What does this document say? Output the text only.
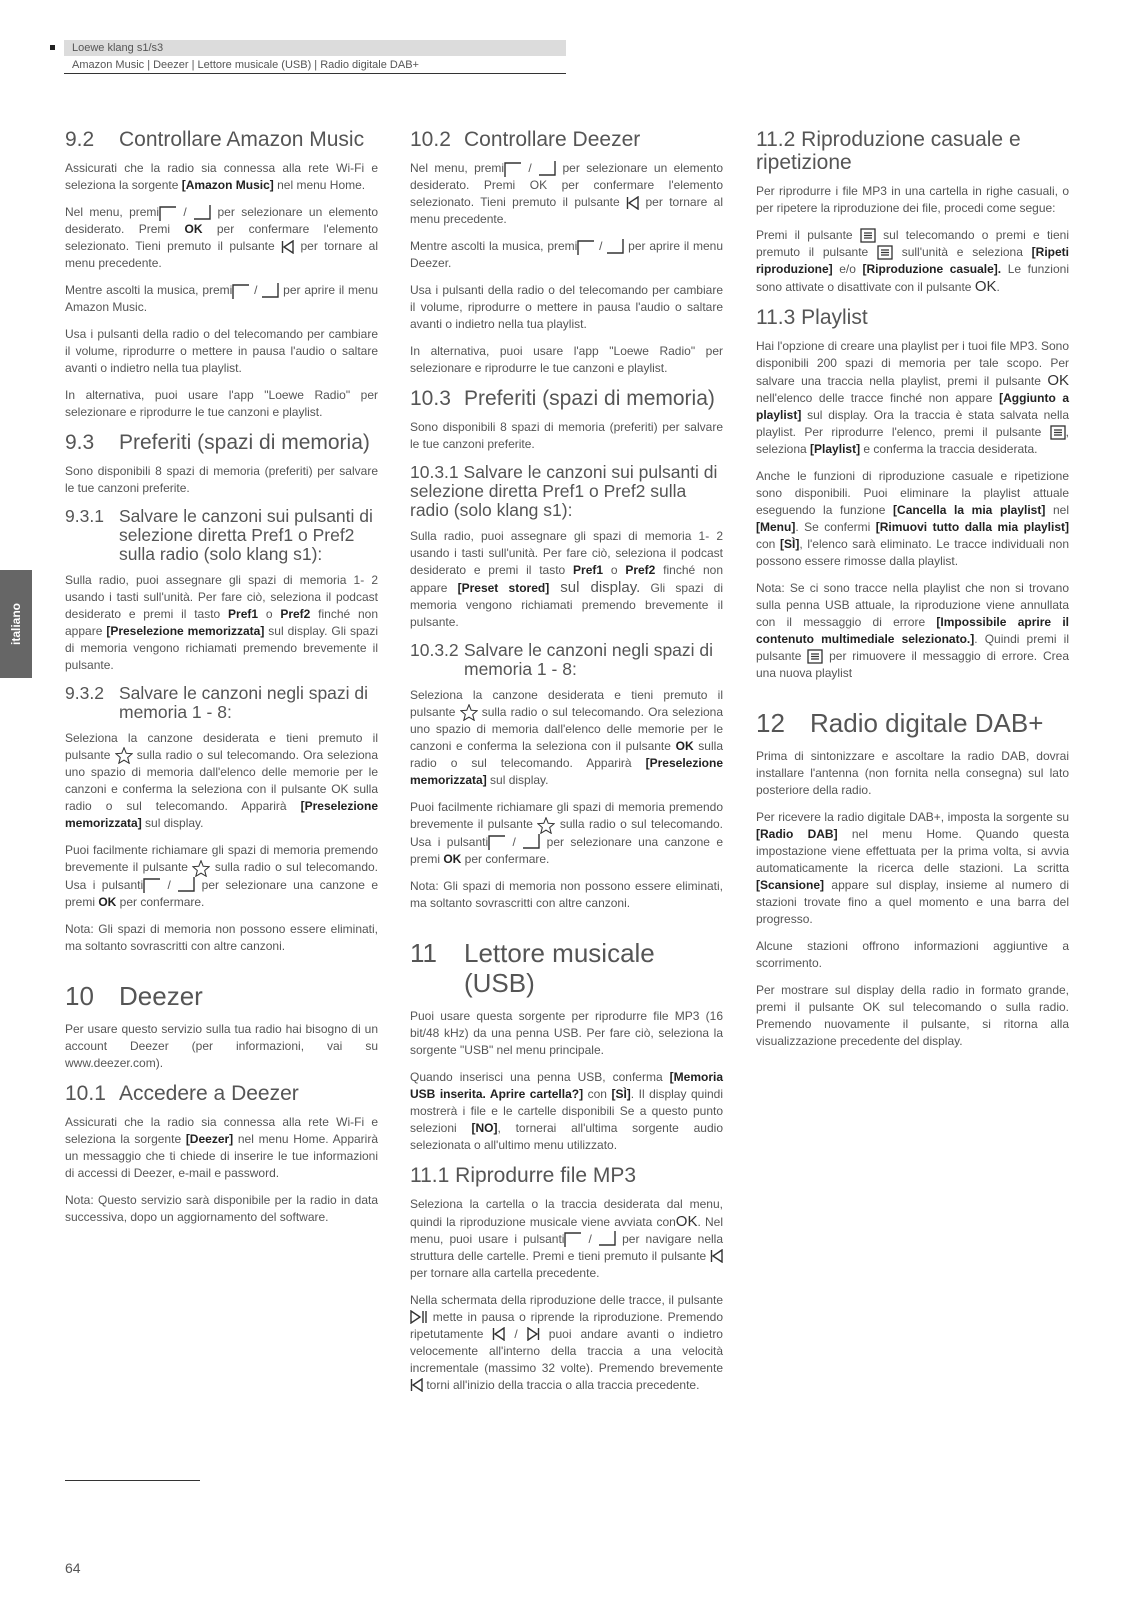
Loewe klang s1/s3
Amazon Music | Deezer | Lettore musicale (USB) | Radio digitale DAB+
italiano
9.2	Controllare Amazon Music

Assicurati che la radio sia connessa alla rete Wi-Fi e seleziona la sorgente [Amazon Music] nel menu Home.

Nel menu, premi /  per selezionare un elemento desiderato. Premi OK per confermare l'elemento selezionato. Tieni premuto il pulsante  per tornare al menu precedente.

Mentre ascolti la musica, premi /  per aprire il menu Amazon Music.

Usa i pulsanti della radio o del telecomando per cambiare il volume, riprodurre o mettere in pausa l'audio o saltare avanti o indietro nella tua playlist.

In alternativa, puoi usare l'app "Loewe Radio" per selezionare e riprodurre le tue canzoni e playlist.

9.3	Preferiti (spazi di memoria)

Sono disponibili 8 spazi di memoria (preferiti) per salvare le tue canzoni preferite.

9.3.1 Salvare le canzoni sui pulsanti di selezione diretta Pref1 o Pref2 sulla radio (solo klang s1):

Sulla radio, puoi assegnare gli spazi di memoria 1- 2 usando i tasti sull'unità. Per fare ciò, seleziona il podcast desiderato e premi il tasto Pref1 o Pref2 finché non appare [Preselezione memorizzata] sul display. Gli spazi di memoria vengono richiamati premendo brevemente il pulsante.

9.3.2 Salvare le canzoni negli spazi di memoria 1 - 8:

Seleziona la canzone desiderata e tieni premuto il pulsante  sulla radio o sul telecomando. Ora seleziona uno spazio di memoria dall'elenco delle memorie per le canzoni e conferma la seleziona con il pulsante OK sulla radio o sul telecomando. Apparirà [Preselezione memorizzata] sul display.

Puoi facilmente richiamare gli spazi di memoria premendo brevemente il pulsante  sulla radio o sul telecomando. Usa i pulsanti /  per selezionare una canzone e premi OK per confermare.

Nota: Gli spazi di memoria non possono essere eliminati, ma soltanto sovrascritti con altre canzoni.

10 Deezer

Per usare questo servizio sulla tua radio hai bisogno di un account Deezer (per informazioni, vai su www.deezer.com).

10.1 Accedere a Deezer

Assicurati che la radio sia connessa alla rete Wi-Fi e seleziona la sorgente [Deezer] nel menu Home. Apparirà un messaggio che ti chiede di inserire le tue informazioni di accessi di Deezer, e-mail e password.

Nota: Questo servizio sarà disponibile per la radio in data successiva, dopo un aggiornamento del software.

10.2 Controllare Deezer

Nel menu, premi /  per selezionare un elemento desiderato. Premi OK per confermare l'elemento selezionato. Tieni premuto il pulsante  per tornare al menu precedente.

Mentre ascolti la musica, premi /  per aprire il menu Deezer.

Usa i pulsanti della radio o del telecomando per cambiare il volume, riprodurre o mettere in pausa l'audio o saltare avanti o indietro nella tua playlist.

In alternativa, puoi usare l'app "Loewe Radio" per selezionare e riprodurre le tue canzoni e playlist.

10.3 Preferiti (spazi di memoria)

Sono disponibili 8 spazi di memoria (preferiti) per salvare le tue canzoni preferite.

10.3.1 Salvare le canzoni sui pulsanti di selezione diretta Pref1 o Pref2 sulla radio (solo klang s1):

Sulla radio, puoi assegnare gli spazi di memoria 1- 2 usando i tasti sull'unità. Per fare ciò, seleziona il podcast desiderato e premi il tasto Pref1 o Pref2 finché non appare [Preset stored] sul display. Gli spazi di memoria vengono richiamati premendo brevemente il pulsante.

10.3.2 Salvare le canzoni negli spazi di memoria 1 - 8:

Seleziona la canzone desiderata e tieni premuto il pulsante  sulla radio o sul telecomando. Ora seleziona uno spazio di memoria dall'elenco delle memorie per le canzoni e conferma la seleziona con il pulsante OK sulla radio o sul telecomando. Apparirà [Preselezione memorizzata] sul display.

Puoi facilmente richiamare gli spazi di memoria premendo brevemente il pulsante  sulla radio o sul telecomando. Usa i pulsanti /  per selezionare una canzone e premi OK per confermare.

Nota: Gli spazi di memoria non possono essere eliminati, ma soltanto sovrascritti con altre canzoni.

11	Lettore musicale (USB)

Puoi usare questa sorgente per riprodurre file MP3 (16 bit/48 kHz) da una penna USB. Per fare ciò, seleziona la sorgente "USB" nel menu principale.

Quando inserisci una penna USB, conferma [Memoria USB inserita. Aprire cartella?] con [SÌ]. Il display quindi mostrerà i file e le cartelle disponibili Se a questo punto selezioni [NO], tornerai all'ultima sorgente audio selezionata o all'ultimo menu utilizzato.

11.1 Riprodurre file MP3

Seleziona la cartella o la traccia desiderata dal menu, quindi la riproduzione musicale viene avviata conOK. Nel menu, puoi usare i pulsanti /  per navigare nella struttura delle cartelle. Premi e tieni premuto il pulsante  per tornare alla cartella precedente.

Nella schermata della riproduzione delle tracce, il pulsante  mette in pausa o riprende la riproduzione. Premendo ripetutamente  /  puoi andare avanti o indietro velocemente all'interno della traccia a una velocità incrementale (massimo 32 volte). Premendo brevemente  torni all'inizio della traccia o alla traccia precedente.

11.2 Riproduzione casuale e ripetizione

Per riprodurre i file MP3 in una cartella in righe casuali, o per ripetere la riproduzione dei file, procedi come segue:

Premi il pulsante  sul telecomando o premi e tieni premuto il pulsante  sull'unità e seleziona [Ripeti riproduzione] e/o [Riproduzione casuale]. Le funzioni sono attivate o disattivate con il pulsante OK.

11.3 Playlist

Hai l'opzione di creare una playlist per i tuoi file MP3. Sono disponibili 200 spazi di memoria per tale scopo. Per salvare una traccia nella playlist, premi il pulsante OK nell'elenco delle tracce finché non appare [Aggiunto a playlist] sul display. Ora la traccia è stata salvata nella playlist. Per riprodurre l'elenco, premi il pulsante , seleziona [Playlist] e conferma la traccia desiderata.

Anche le funzioni di riproduzione casuale e ripetizione sono disponibili. Puoi eliminare la playlist attuale eseguendo la funzione [Cancella la mia playlist] nel [Menu]. Se confermi [Rimuovi tutto dalla mia playlist] con [SÌ], l'elenco sarà eliminato. Le tracce individuali non possono essere rimosse dalla playlist.

Nota: Se ci sono tracce nella playlist che non si trovano sulla penna USB attuale, la riproduzione viene annullata con il messaggio di errore [Impossibile aprire il contenuto multimediale selezionato.]. Quindi premi il pulsante  per rimuovere il messaggio di errore. Crea una nuova playlist

12 Radio digitale DAB+

Prima di sintonizzare e ascoltare la radio DAB, dovrai installare l'antenna (non fornita nella consegna) sul lato posteriore della radio.

Per ricevere la radio digitale DAB+, imposta la sorgente su [Radio DAB] nel menu Home. Quando questa impostazione viene effettuata per la prima volta, si avvia automaticamente la ricerca delle stazioni. La scritta [Scansione] appare sul display, insieme al numero di stazioni trovate fino a quel momento e una barra del progresso.

Alcune stazioni offrono informazioni aggiuntive a scorrimento.

Per mostrare sul display della radio in formato grande, premi il pulsante OK sul telecomando o sulla radio. Premendo nuovamente il pulsante, si ritorna alla visualizzazione precedente del display.

64
